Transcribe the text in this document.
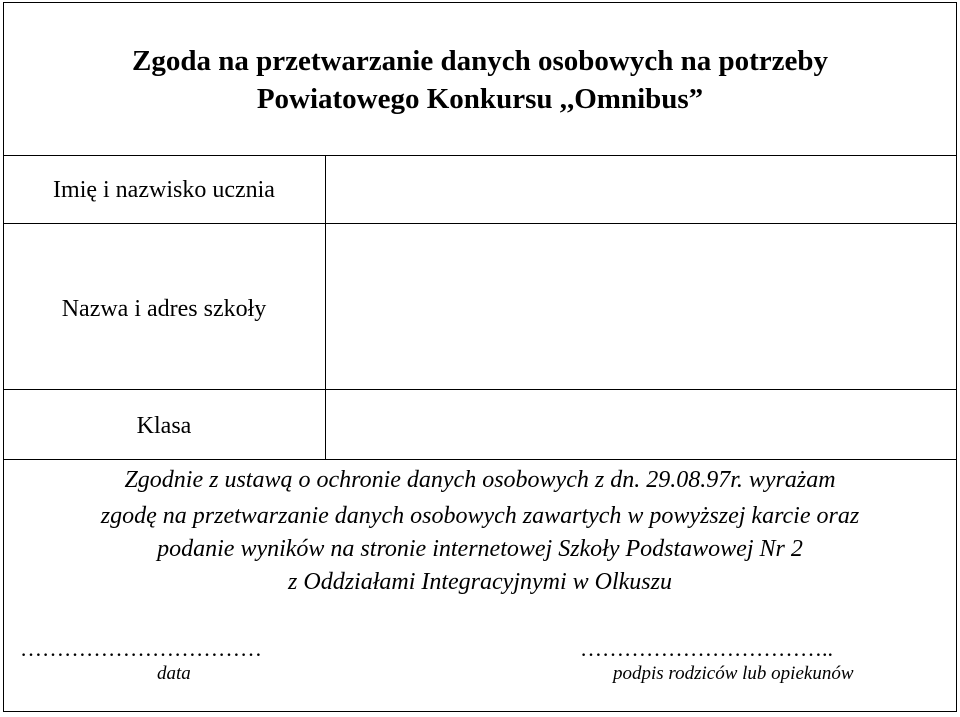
Zgoda na przetwarzanie danych osobowych na potrzeby
Powiatowego Konkursu ,,Omnibus”
Imię i nazwisko ucznia
Nazwa i adres szkoły
Klasa
Zgodnie z ustawą o ochronie danych osobowych z dn. 29.08.97r. wyrażam
zgodę na przetwarzanie danych osobowych zawartych w powyższej karcie oraz
podanie wyników na stronie internetowej Szkoły Podstawowej Nr 2
z Oddziałami Integracyjnymi w Olkuszu
……………………………
data
……………………………..
podpis rodziców lub opiekunów
